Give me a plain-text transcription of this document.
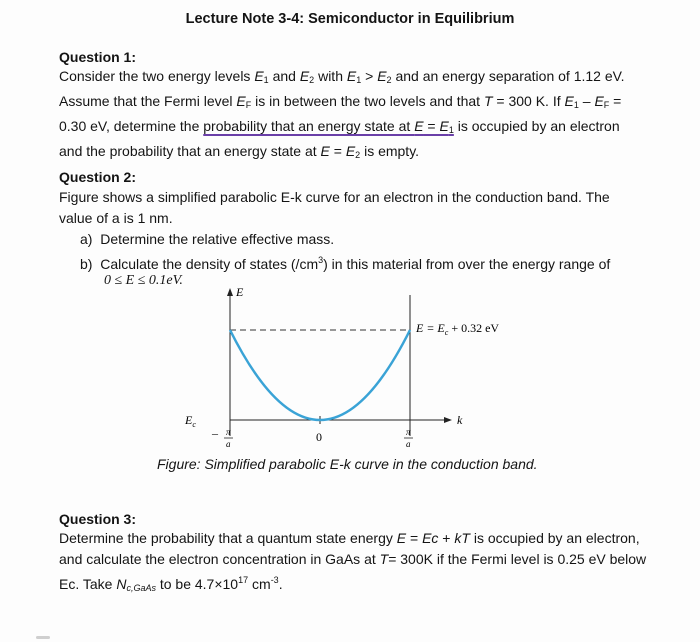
Lecture Note 3-4: Semiconductor in Equilibrium
Question 1:
Consider the two energy levels $E_1$ and $E_2$ with $E_1 > E_2$ and an energy separation of 1.12 eV.
Assume that the Fermi level $E_F$ is in between the two levels and that T = 300 K. If $E_1 - E_F$ =
0.30 eV, determine the probability that an energy state at $E = E_1$ is occupied by an electron
and the probability that an energy state at $E = E_2$ is empty.
Question 2:
Figure shows a simplified parabolic E-k curve for an electron in the conduction band. The
value of a is 1 nm.
a) Determine the relative effective mass.
b) Calculate the density of states $(/cm^3)$ in this material from over the energy range of
0 ≤ E ≤ 0.1eV.
E
k
$E = E_c + 0.32$ eV
$E_c$
– π
a	0	π
a
Figure: Simplified parabolic E-k curve in the conduction band.
Question 3:
Determine the probability that a quantum state energy E = Ec + kT is occupied by an electron,
and calculate the electron concentration in GaAs at T= 300K if the Fermi level is 0.25 eV below
Ec. Take $N_{c,GaAs}$ to be $4.7\times 10^{17}$ $cm^{-3}$.
